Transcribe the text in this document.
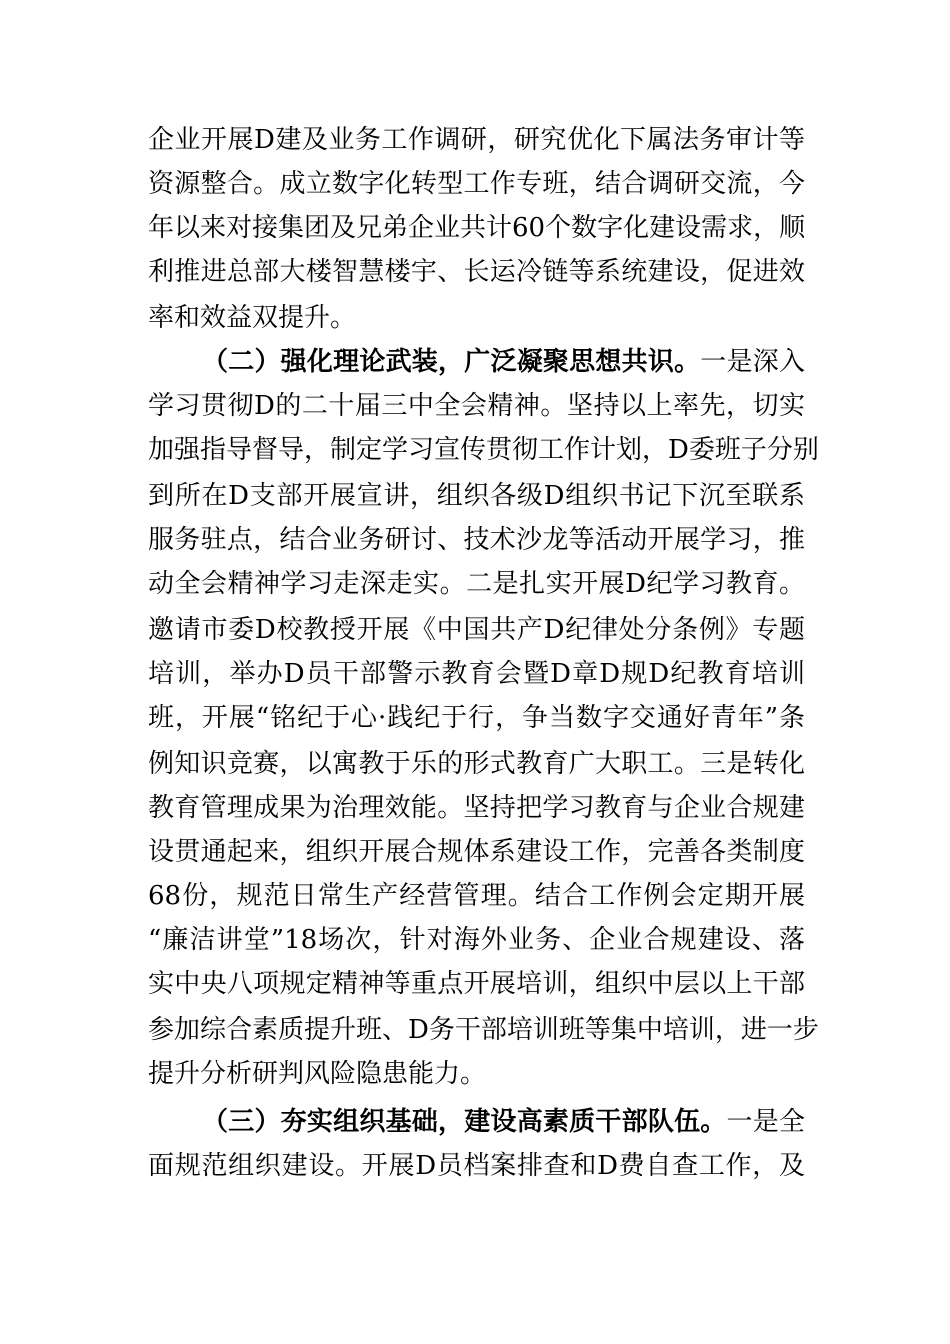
企业开展D建及业务工作调研，研究优化下属法务审计等
资源整合。成立数字化转型工作专班，结合调研交流，今
年以来对接集团及兄弟企业共计60个数字化建设需求，顺
利推进总部大楼智慧楼宇、长运冷链等系统建设，促进效
率和效益双提升。
（二）强化理论武装，广泛凝聚思想共识。一是深入
学习贯彻D的二十届三中全会精神。坚持以上率先，切实
加强指导督导，制定学习宣传贯彻工作计划，D委班子分别
到所在D支部开展宣讲，组织各级D组织书记下沉至联系
服务驻点，结合业务研讨、技术沙龙等活动开展学习，推
动全会精神学习走深走实。二是扎实开展D纪学习教育。
邀请市委D校教授开展《中国共产D纪律处分条例》专题
培训，举办D员干部警示教育会暨D章D规D纪教育培训
班，开展“铭纪于心·践纪于行，争当数字交通好青年”条
例知识竞赛，以寓教于乐的形式教育广大职工。三是转化
教育管理成果为治理效能。坚持把学习教育与企业合规建
设贯通起来，组织开展合规体系建设工作，完善各类制度
68份，规范日常生产经营管理。结合工作例会定期开展
“廉洁讲堂”18场次，针对海外业务、企业合规建设、落
实中央八项规定精神等重点开展培训，组织中层以上干部
参加综合素质提升班、D务干部培训班等集中培训，进一步
提升分析研判风险隐患能力。
（三）夯实组织基础，建设高素质干部队伍。一是全
面规范组织建设。开展D员档案排查和D费自查工作，及
